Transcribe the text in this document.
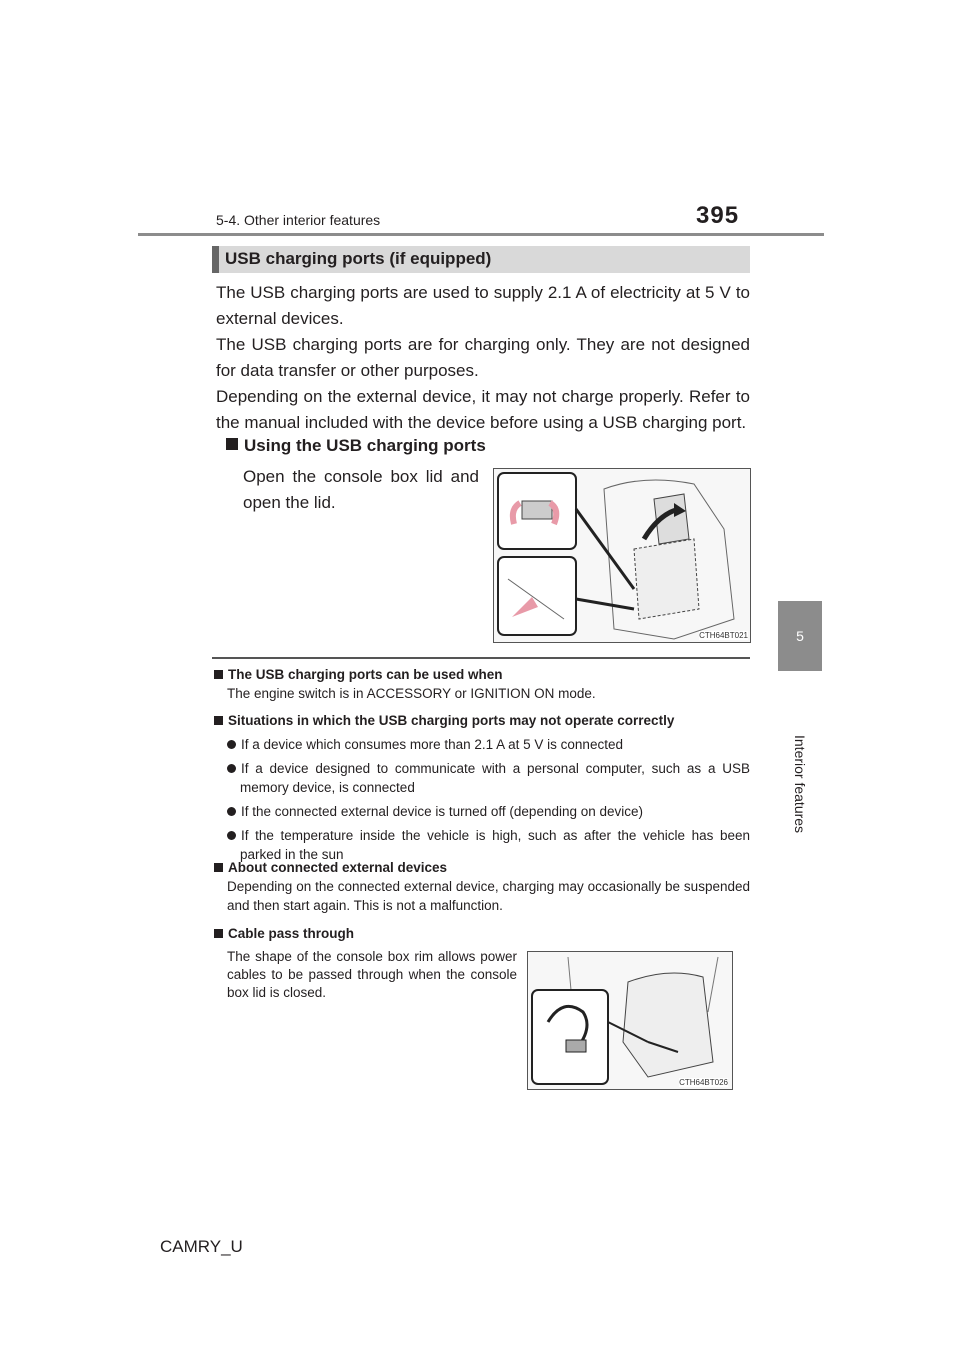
5-4. Other interior features	395
5
Interior features
USB charging ports (if equipped)

The USB charging ports are used to supply 2.1 A of electricity at 5 V to external devices.

The USB charging ports are for charging only. They are not designed for data transfer or other purposes.

Depending on the external device, it may not charge properly. Refer to the manual included with the device before using a USB charging port.

Using the USB charging ports
Open the console box lid and open the lid.
CTH64BT021
The USB charging ports can be used when
The engine switch is in ACCESSORY or IGNITION ON mode.
Situations in which the USB charging ports may not operate correctly
If a device which consumes more than 2.1 A at 5 V is connected
If a device designed to communicate with a personal computer, such as a USB memory device, is connected
If the connected external device is turned off (depending on device)
If the temperature inside the vehicle is high, such as after the vehicle has been parked in the sun
About connected external devices
Depending on the connected external device, charging may occasionally be suspended and then start again. This is not a malfunction.
Cable pass through
The shape of the console box rim allows power cables to be passed through when the console box lid is closed.
CTH64BT026
CAMRY_U
